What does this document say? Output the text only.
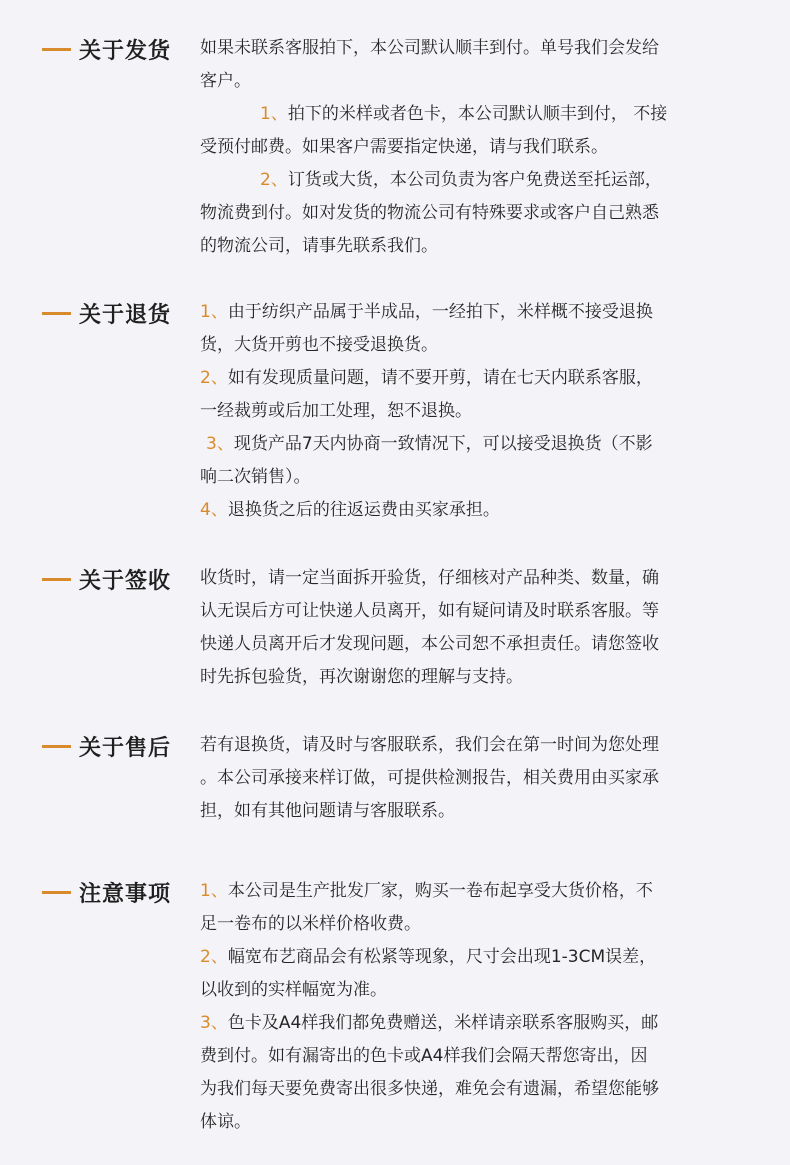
关于发货 如果未联系客服拍下，本公司默认顺丰到付。单号我们会发给
客户。
1、拍下的米样或者色卡，本公司默认顺丰到付， 不接
受预付邮费。如果客户需要指定快递，请与我们联系。
2、订货或大货，本公司负责为客户免费送至托运部，
物流费到付。如对发货的物流公司有特殊要求或客户自己熟悉
的物流公司，请事先联系我们。
关于退货 1、由于纺织产品属于半成品，一经拍下，米样概不接受退换
货，大货开剪也不接受退换货。
2、如有发现质量问题，请不要开剪，请在七天内联系客服，
一经裁剪或后加工处理，恕不退换。
3、现货产品7天内协商一致情况下，可以接受退换货（不影
响二次销售）。
4、退换货之后的往返运费由买家承担。
关于签收 收货时，请一定当面拆开验货，仔细核对产品种类、数量，确
认无误后方可让快递人员离开，如有疑问请及时联系客服。等
快递人员离开后才发现问题，本公司恕不承担责任。请您签收
时先拆包验货，再次谢谢您的理解与支持。
关于售后 若有退换货，请及时与客服联系，我们会在第一时间为您处理
。本公司承接来样订做，可提供检测报告，相关费用由买家承
担，如有其他问题请与客服联系。
注意事项 1、本公司是生产批发厂家，购买一卷布起享受大货价格，不
足一卷布的以米样价格收费。
2、幅宽布艺商品会有松紧等现象，尺寸会出现1-3CM误差，
以收到的实样幅宽为准。
3、色卡及A4样我们都免费赠送，米样请亲联系客服购买，邮
费到付。如有漏寄出的色卡或A4样我们会隔天帮您寄出，因
为我们每天要免费寄出很多快递，难免会有遗漏，希望您能够
体谅。
